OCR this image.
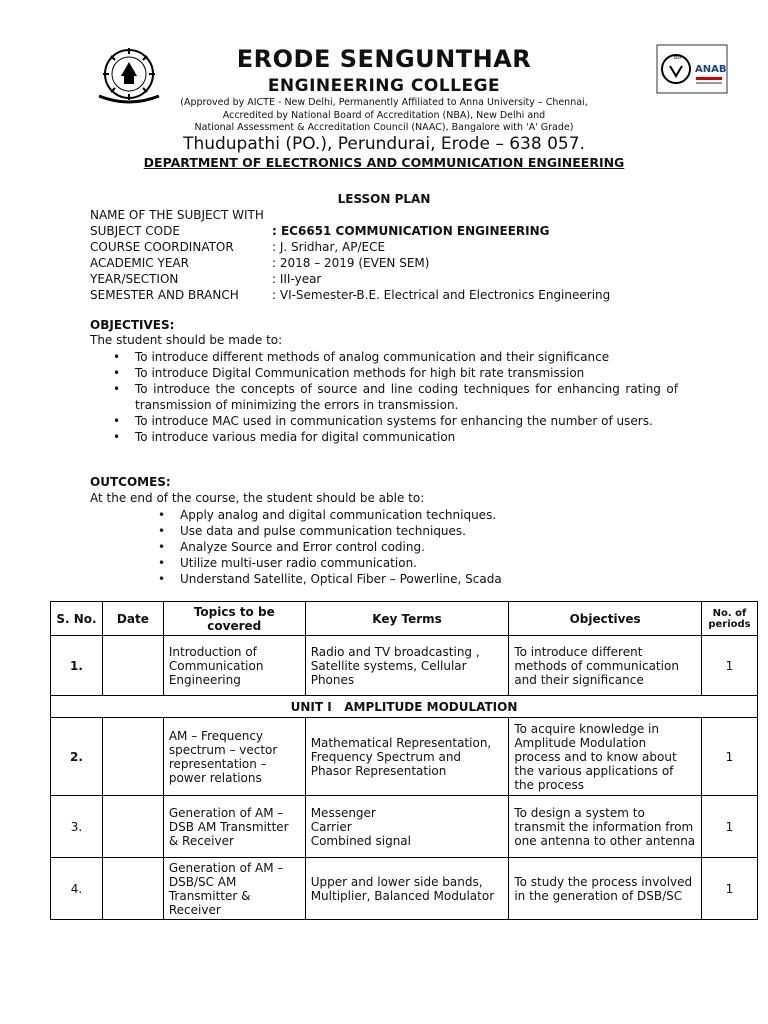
bsi
ANAB
ERODE SENGUNTHAR
ENGINEERING COLLEGE
(Approved by AICTE - New Delhi, Permanently Affiliated to Anna University – Chennai,
Accredited by National Board of Accreditation (NBA), New Delhi and
National Assessment & Accreditation Council (NAAC), Bangalore with 'A' Grade)
Thudupathi (PO.), Perundurai, Erode – 638 057.
DEPARTMENT OF ELECTRONICS AND COMMUNICATION ENGINEERING
LESSON PLAN
NAME OF THE SUBJECT WITH
SUBJECT CODE	: EC6651 COMMUNICATION ENGINEERING
COURSE COORDINATOR	: J. Sridhar, AP/ECE
ACADEMIC YEAR	: 2018 – 2019 (EVEN SEM)
YEAR/SECTION	: III-year
SEMESTER AND BRANCH	: VI-Semester-B.E. Electrical and Electronics Engineering
OBJECTIVES:
The student should be made to:
• To introduce different methods of analog communication and their significance
• To introduce Digital Communication methods for high bit rate transmission
• To introduce the concepts of source and line coding techniques for enhancing rating of transmission of minimizing the errors in transmission.
• To introduce MAC used in communication systems for enhancing the number of users.
• To introduce various media for digital communication
OUTCOMES:
At the end of the course, the student should be able to:
• Apply analog and digital communication techniques.
• Use data and pulse communication techniques.
• Analyze Source and Error control coding.
• Utilize multi-user radio communication.
• Understand Satellite, Optical Fiber – Powerline, Scada
S. No.	Date	Topics to be covered	Key Terms	Objectives	No. of periods
1.		Introduction of Communication Engineering	Radio and TV broadcasting , Satellite systems, Cellular Phones	To introduce different methods of communication and their significance	1
UNIT I   AMPLITUDE MODULATION					
2.		AM – Frequency spectrum – vector representation – power relations	Mathematical Representation, Frequency Spectrum and Phasor Representation	To acquire knowledge in Amplitude Modulation process and to know about the various applications of the process	1
3.		Generation of AM – DSB AM Transmitter & Receiver	Messenger
Carrier
Combined signal	To design a system to transmit the information from one antenna to other antenna	1
4.		Generation of AM – DSB/SC AM Transmitter & Receiver	Upper and lower side bands, Multiplier, Balanced Modulator	To study the process involved in the generation of DSB/SC	1
